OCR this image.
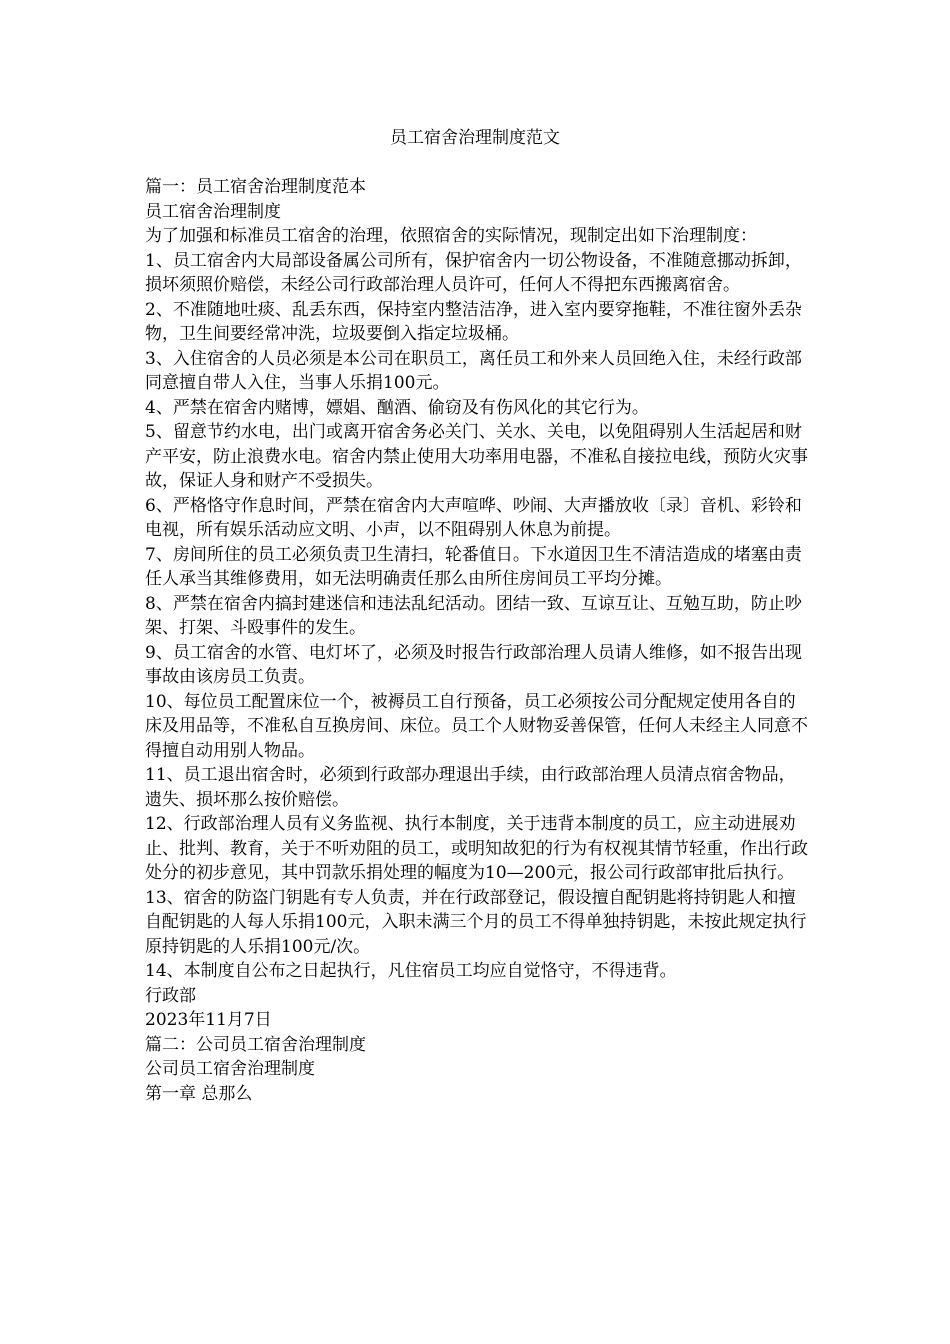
员工宿舍治理制度范文

篇一：员工宿舍治理制度范本

员工宿舍治理制度

为了加强和标准员工宿舍的治理，依照宿舍的实际情况，现制定出如下治理制度：

1、员工宿舍内大局部设备属公司所有，保护宿舍内一切公物设备，不准随意挪动拆卸，损坏须照价赔偿，未经公司行政部治理人员许可，任何人不得把东西搬离宿舍。

2、不准随地吐痰、乱丢东西，保持室内整洁洁净，进入室内要穿拖鞋，不准往窗外丢杂物，卫生间要经常冲洗，垃圾要倒入指定垃圾桶。

3、入住宿舍的人员必须是本公司在职员工，离任员工和外来人员回绝入住，未经行政部同意擅自带人入住，当事人乐捐100元。

4、严禁在宿舍内赌博，嫖娼、酗酒、偷窃及有伤风化的其它行为。

5、留意节约水电，出门或离开宿舍务必关门、关水、关电，以免阻碍别人生活起居和财产平安，防止浪费水电。宿舍内禁止使用大功率用电器，不准私自接拉电线，预防火灾事故，保证人身和财产不受损失。

6、严格恪守作息时间，严禁在宿舍内大声喧哗、吵闹、大声播放收〔录〕音机、彩铃和电视，所有娱乐活动应文明、小声，以不阻碍别人休息为前提。

7、房间所住的员工必须负责卫生清扫，轮番值日。下水道因卫生不清洁造成的堵塞由责任人承当其维修费用，如无法明确责任那么由所住房间员工平均分摊。

8、严禁在宿舍内搞封建迷信和违法乱纪活动。团结一致、互谅互让、互勉互助，防止吵架、打架、斗殴事件的发生。

9、员工宿舍的水管、电灯坏了，必须及时报告行政部治理人员请人维修，如不报告出现事故由该房员工负责。

10、每位员工配置床位一个，被褥员工自行预备，员工必须按公司分配规定使用各自的床及用品等，不准私自互换房间、床位。员工个人财物妥善保管，任何人未经主人同意不得擅自动用别人物品。

11、员工退出宿舍时，必须到行政部办理退出手续，由行政部治理人员清点宿舍物品，遗失、损坏那么按价赔偿。

12、行政部治理人员有义务监视、执行本制度，关于违背本制度的员工，应主动进展劝止、批判、教育，关于不听劝阻的员工，或明知故犯的行为有权视其情节轻重，作出行政处分的初步意见，其中罚款乐捐处理的幅度为10—200元，报公司行政部审批后执行。

13、宿舍的防盗门钥匙有专人负责，并在行政部登记，假设擅自配钥匙将持钥匙人和擅自配钥匙的人每人乐捐100元，入职未满三个月的员工不得单独持钥匙，未按此规定执行原持钥匙的人乐捐100元/次。

14、本制度自公布之日起执行，凡住宿员工均应自觉恪守，不得违背。

行政部

2023年11月7日

篇二：公司员工宿舍治理制度

公司员工宿舍治理制度

第一章 总那么
